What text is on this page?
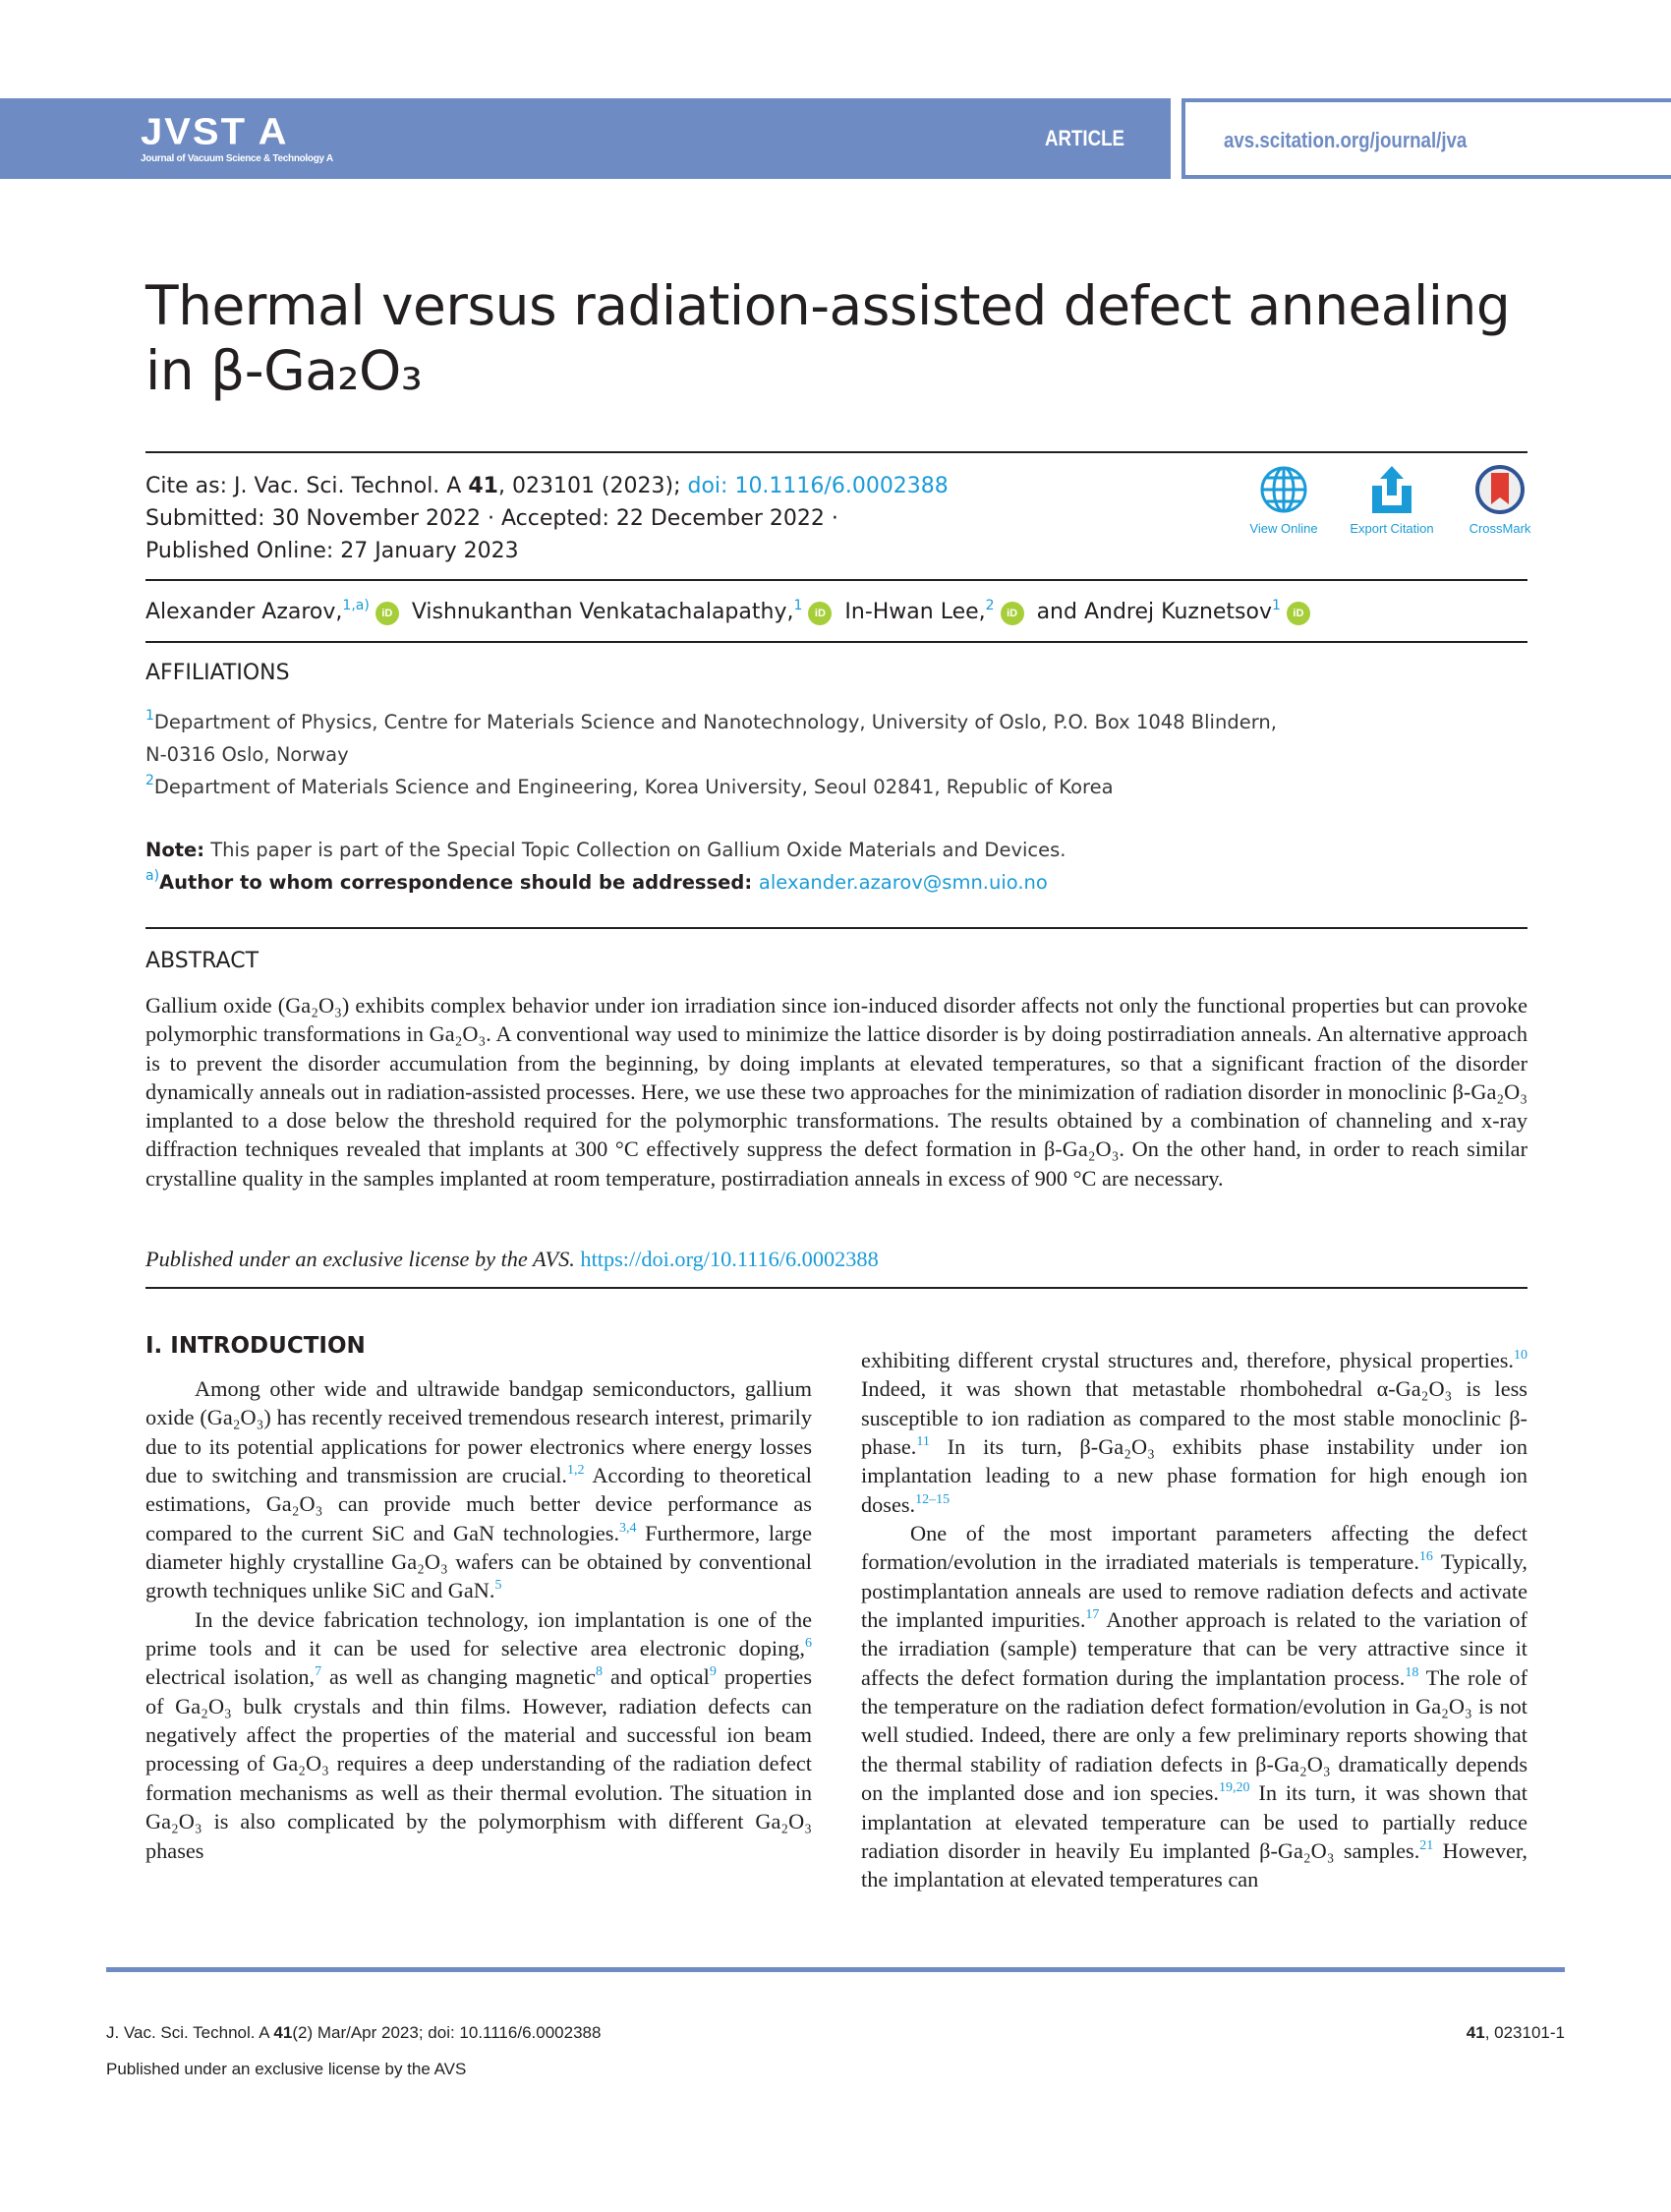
JVST A
Journal of Vacuum Science & Technology A
ARTICLE	avs.scitation.org/journal/jva
Thermal versus radiation-assisted defect annealing
in β-Ga₂O₃
Cite as: J. Vac. Sci. Technol. A 41, 023101 (2023); doi: 10.1116/6.0002388
Submitted: 30 November 2022 · Accepted: 22 December 2022 ·
Published Online: 27 January 2023
View Online	Export Citation	CrossMark
Alexander Azarov,$^{1,a)}$ iD Vishnukanthan Venkatachalapathy,$^1$ iD In-Hwan Lee,$^2$ iD and Andrej Kuznetsov$^1$ iD
AFFILIATIONS
$^1$Department of Physics, Centre for Materials Science and Nanotechnology, University of Oslo, P.O. Box 1048 Blindern,
N-0316 Oslo, Norway
$^2$Department of Materials Science and Engineering, Korea University, Seoul 02841, Republic of Korea
Note: This paper is part of the Special Topic Collection on Gallium Oxide Materials and Devices.
$^{a)}$Author to whom correspondence should be addressed: alexander.azarov@smn.uio.no
ABSTRACT
Gallium oxide (Ga₂O₃) exhibits complex behavior under ion irradiation since ion-induced disorder affects not only the functional properties but can provoke polymorphic transformations in Ga₂O₃. A conventional way used to minimize the lattice disorder is by doing postirradiation anneals. An alternative approach is to prevent the disorder accumulation from the beginning, by doing implants at elevated temperatures, so that a significant fraction of the disorder dynamically anneals out in radiation-assisted processes. Here, we use these two approaches for the minimization of radiation disorder in monoclinic β-Ga₂O₃ implanted to a dose below the threshold required for the polymorphic transformations. The results obtained by a combination of channeling and x-ray diffraction techniques revealed that implants at 300 °C effectively suppress the defect formation in β-Ga₂O₃. On the other hand, in order to reach similar crystalline quality in the samples implanted at room temperature, postirradiation anneals in excess of 900 °C are necessary.
Published under an exclusive license by the AVS. https://doi.org/10.1116/6.0002388
I. INTRODUCTION

Among other wide and ultrawide bandgap semiconductors, gallium oxide (Ga₂O₃) has recently received tremendous research interest, primarily due to its potential applications for power electronics where energy losses due to switching and transmission are crucial.$^{1,2}$ According to theoretical estimations, Ga₂O₃ can provide much better device performance as compared to the current SiC and GaN technologies.$^{3,4}$ Furthermore, large diameter highly crystalline Ga₂O₃ wafers can be obtained by conventional growth techniques unlike SiC and GaN.$^5$

In the device fabrication technology, ion implantation is one of the prime tools and it can be used for selective area electronic doping,$^6$ electrical isolation,$^7$ as well as changing magnetic$^8$ and optical$^9$ properties of Ga₂O₃ bulk crystals and thin films. However, radiation defects can negatively affect the properties of the material and successful ion beam processing of Ga₂O₃ requires a deep understanding of the radiation defect formation mechanisms as well as their thermal evolution. The situation in Ga₂O₃ is also complicated by the polymorphism with different Ga₂O₃ phases

exhibiting different crystal structures and, therefore, physical properties.$^{10}$ Indeed, it was shown that metastable rhombohedral α-Ga₂O₃ is less susceptible to ion radiation as compared to the most stable monoclinic β-phase.$^{11}$ In its turn, β-Ga₂O₃ exhibits phase instability under ion implantation leading to a new phase formation for high enough ion doses.$^{12-15}$

One of the most important parameters affecting the defect formation/evolution in the irradiated materials is temperature.$^{16}$ Typically, postimplantation anneals are used to remove radiation defects and activate the implanted impurities.$^{17}$ Another approach is related to the variation of the irradiation (sample) temperature that can be very attractive since it affects the defect formation during the implantation process.$^{18}$ The role of the temperature on the radiation defect formation/evolution in Ga₂O₃ is not well studied. Indeed, there are only a few preliminary reports showing that the thermal stability of radiation defects in β-Ga₂O₃ dramatically depends on the implanted dose and ion species.$^{19,20}$ In its turn, it was shown that implantation at elevated temperature can be used to partially reduce radiation disorder in heavily Eu implanted β-Ga₂O₃ samples.$^{21}$ However, the implantation at elevated temperatures can

J. Vac. Sci. Technol. A 41(2) Mar/Apr 2023; doi: 10.1116/6.0002388
Published under an exclusive license by the AVS
41, 023101-1
